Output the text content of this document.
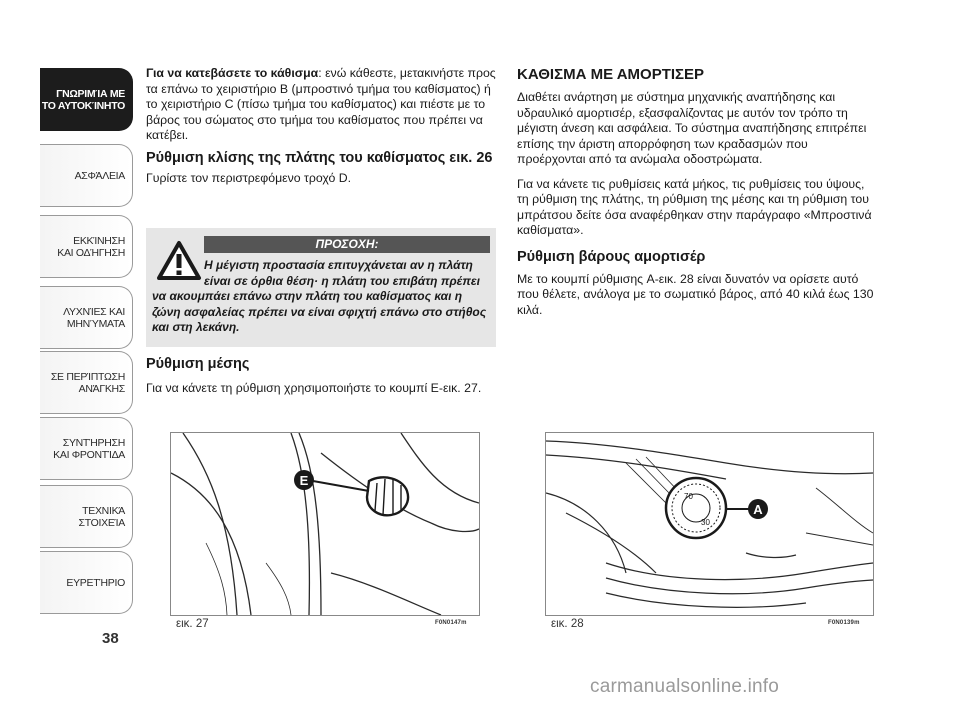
ΓΝΩΡΙΜΊΑ ΜΕ
ΤΟ ΑΥΤΟΚΊΝΗΤΟ
ΑΣΦΆΛΕΙΑ
ΕΚΚΊΝΗΣΗ
ΚΑΙ ΟΔΉΓΗΣΗ
ΛΥΧΝΊΕΣ ΚΑΙ
ΜΗΝΎΜΑΤΑ
ΣΕ ΠΕΡΊΠΤΩΣΗ
ΑΝΆΓΚΗΣ
ΣΥΝΤΉΡΗΣΗ
ΚΑΙ ΦΡΟΝΤΊΔΑ
ΤΕΧΝΙΚΆ
ΣΤΟΙΧΕΊΑ
ΕΥΡΕΤΉΡΙΟ
38

Για να κατεβάσετε το κάθισμα: ενώ κάθεστε, μετακινήστε προς τα επάνω το χειριστήριο B (μπροστινό τμήμα του καθίσματος) ή το χειριστήριο C (πίσω τμήμα του καθίσματος) και πιέστε με το βάρος του σώματος στο τμήμα του καθίσματος που πρέπει να κατέβει.

Ρύθμιση κλίσης της πλάτης του καθίσματος εικ. 26

Γυρίστε τον περιστρεφόμενο τροχό D.

ΠΡΟΣΟΧΗ:
Η μέγιστη προστασία επιτυγχάνεται αν η πλάτη
είναι σε όρθια θέση· η πλάτη του επιβάτη πρέπει
να ακουμπάει επάνω στην πλάτη του καθίσματος και η ζώνη ασφαλείας πρέπει να είναι σφιχτή επάνω στο στήθος και στη λεκάνη.
Ρύθμιση μέσης

Για να κάνετε τη ρύθμιση χρησιμοποιήστε το κουμπί E-εικ. 27.

ΚΑΘΙΣΜΑ ΜΕ ΑΜΟΡΤΙΣΕΡ

Διαθέτει ανάρτηση με σύστημα μηχανικής αναπήδησης και υδραυλικό αμορτισέρ, εξασφαλίζοντας με αυτόν τον τρόπο τη μέγιστη άνεση και ασφάλεια. Το σύστημα αναπήδησης επιτρέπει επίσης την άριστη απορρόφηση των κραδασμών που προέρχονται από τα ανώμαλα οδοστρώματα.

Για να κάνετε τις ρυθμίσεις κατά μήκος, τις ρυθμίσεις του ύψους, τη ρύθμιση της πλάτης, τη ρύθμιση της μέσης και τη ρύθμιση του μπράτσου δείτε όσα αναφέρθηκαν στην παράγραφο «Μπροστινά καθίσματα».

Ρύθμιση βάρους αμορτισέρ

Με το κουμπί ρύθμισης A-εικ. 28 είναι δυνατόν να ορίσετε αυτό που θέλετε, ανάλογα με το σωματικό βάρος, από 40 κιλά έως 130 κιλά.

E
εικ. 27	F0N0147m
70
30
A
εικ. 28	F0N0139m
carmanualsonline.info
